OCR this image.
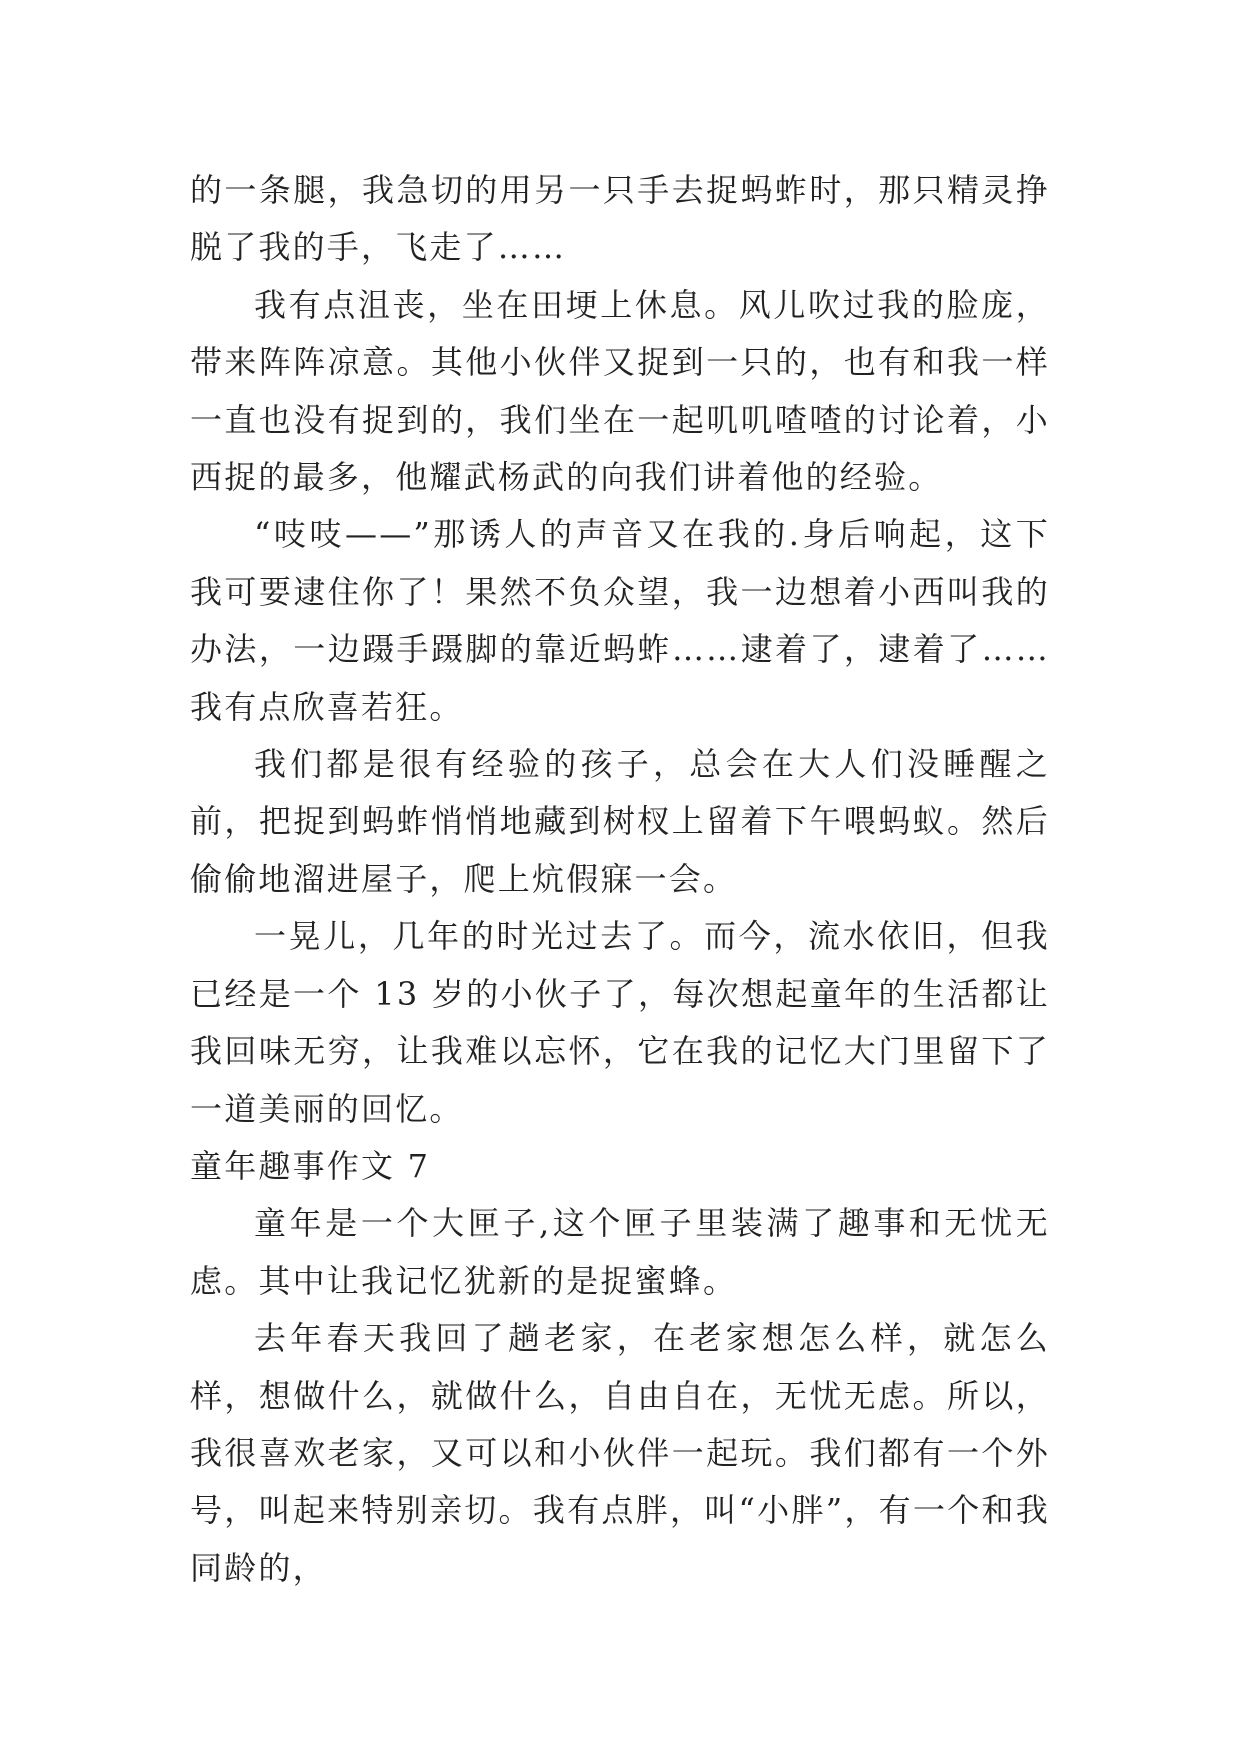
的一条腿，我急切的用另一只手去捉蚂蚱时，那只精灵挣脱了我的手，飞走了……

我有点沮丧，坐在田埂上休息。风儿吹过我的脸庞，带来阵阵凉意。其他小伙伴又捉到一只的，也有和我一样一直也没有捉到的，我们坐在一起叽叽喳喳的讨论着，小西捉的最多，他耀武杨武的向我们讲着他的经验。

“吱吱——”那诱人的声音又在我的.身后响起，这下我可要逮住你了！果然不负众望，我一边想着小西叫我的办法，一边蹑手蹑脚的靠近蚂蚱……逮着了，逮着了……我有点欣喜若狂。

我们都是很有经验的孩子，总会在大人们没睡醒之前，把捉到蚂蚱悄悄地藏到树杈上留着下午喂蚂蚁。然后偷偷地溜进屋子，爬上炕假寐一会。

一晃儿，几年的时光过去了。而今，流水依旧，但我已经是一个 13 岁的小伙子了，每次想起童年的生活都让我回味无穷，让我难以忘怀，它在我的记忆大门里留下了一道美丽的回忆。

童年趣事作文 7

童年是一个大匣子,这个匣子里装满了趣事和无忧无虑。其中让我记忆犹新的是捉蜜蜂。

去年春天我回了趟老家，在老家想怎么样，就怎么样，想做什么，就做什么，自由自在，无忧无虑。所以，我很喜欢老家，又可以和小伙伴一起玩。我们都有一个外号，叫起来特别亲切。我有点胖，叫“小胖”，有一个和我同龄的，
